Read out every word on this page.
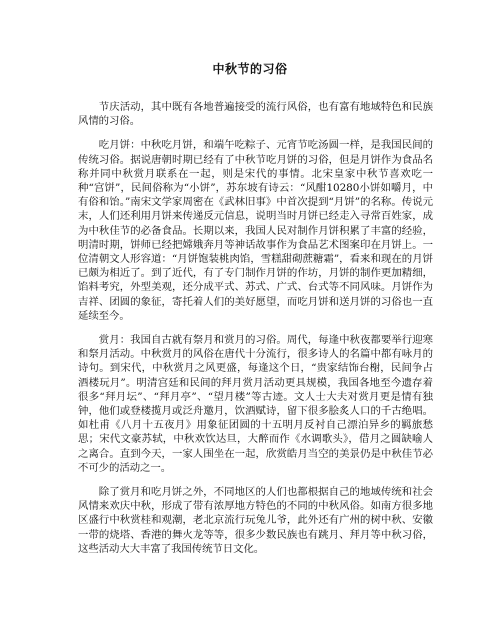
中秋节的习俗

节庆活动，其中既有各地普遍接受的流行风俗，也有富有地域特色和民族风情的习俗。

吃月饼：中秋吃月饼，和端午吃粽子、元宵节吃汤圆一样，是我国民间的传统习俗。据说唐朝时期已经有了中秋节吃月饼的习俗，但是月饼作为食品名称并同中秋赏月联系在一起，则是宋代的事情。北宋皇家中秋节喜欢吃一种“宫饼”，民间俗称为“小饼”，苏东坡有诗云：“风酣10280小饼如嚼月，中有俗和饴。”南宋文学家周密在《武林旧事》中首次提到“月饼”的名称。传说元末，人们还利用月饼来传递反元信息，说明当时月饼已经走入寻常百姓家，成为中秋佳节的必备食品。长期以来，我国人民对制作月饼积累了丰富的经验，明清时期，饼师已经把嫦娥奔月等神话故事作为食品艺术图案印在月饼上。一位清朝文人形容道：“月饼饱装桃肉馅，雪糕甜砌蔗糖霜”，看来和现在的月饼已颇为相近了。到了近代，有了专门制作月饼的作坊，月饼的制作更加精细，馅料考究，外型美观，还分成平式、苏式、广式、台式等不同风味。月饼作为吉祥、团圆的象征，寄托着人们的美好愿望，而吃月饼和送月饼的习俗也一直延续至今。

赏月：我国自古就有祭月和赏月的习俗。周代，每逢中秋夜都要举行迎寒和祭月活动。中秋赏月的风俗在唐代十分流行，很多诗人的名篇中都有咏月的诗句。到宋代，中秋赏月之风更盛，每逢这个日，“贵家结饰台榭，民间争占酒楼玩月”。明清宫廷和民间的拜月赏月活动更具规模，我国各地至今遗存着很多“拜月坛”、“拜月亭”、“望月楼”等古迹。文人士大夫对赏月更是情有独钟，他们或登楼揽月或泛舟邀月，饮酒赋诗，留下很多脍炙人口的千古绝唱。如杜甫《八月十五夜月》用象征团圆的十五明月反衬自己漂泊异乡的羁旅愁思；宋代文豪苏轼，中秋欢饮达旦，大醉而作《水调歌头》，借月之圆缺喻人之离合。直到今天，一家人围坐在一起，欣赏皓月当空的美景仍是中秋佳节必不可少的活动之一。

除了赏月和吃月饼之外，不同地区的人们也都根据自己的地域传统和社会风情来欢庆中秋，形成了带有浓厚地方特色的不同的中秋风俗。如南方很多地区盛行中秋赏桂和观潮，老北京流行玩兔儿爷，此外还有广州的树中秋、安徽一带的烧塔、香港的舞火龙等等，很多少数民族也有跳月、拜月等中秋习俗，这些活动大大丰富了我国传统节日文化。
